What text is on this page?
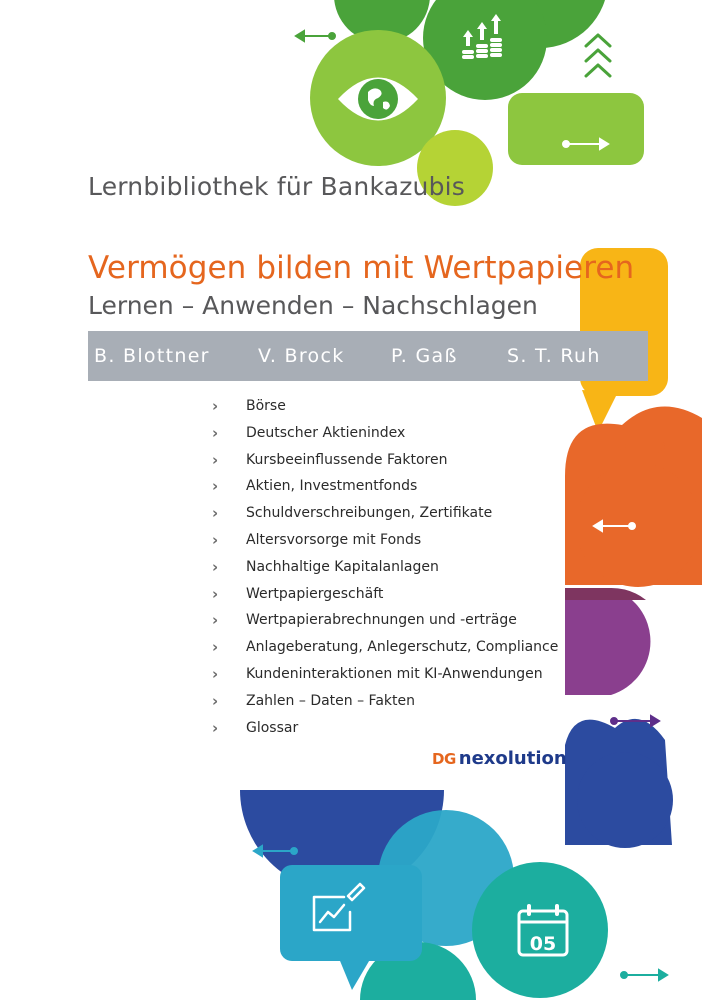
05
Lernbibliothek für Bankazubis
Vermögen bilden mit Wertpapieren
Lernen – Anwenden – Nachschlagen
B. Blottner	V. Brock P. Gaß	S. T. Ruh
› Börse
› Deutscher Aktienindex
› Kursbeeinflussende Faktoren
› Aktien, Investmentfonds
› Schuldverschreibungen, Zertifikate
› Altersvorsorge mit Fonds
› Nachhaltige Kapitalanlagen
› Wertpapiergeschäft
› Wertpapierabrechnungen und -erträge
› Anlageberatung, Anlegerschutz, Compliance
› Kundeninteraktionen mit KI-Anwendungen
› Zahlen – Daten – Fakten
› Glossar
DG nexolution
